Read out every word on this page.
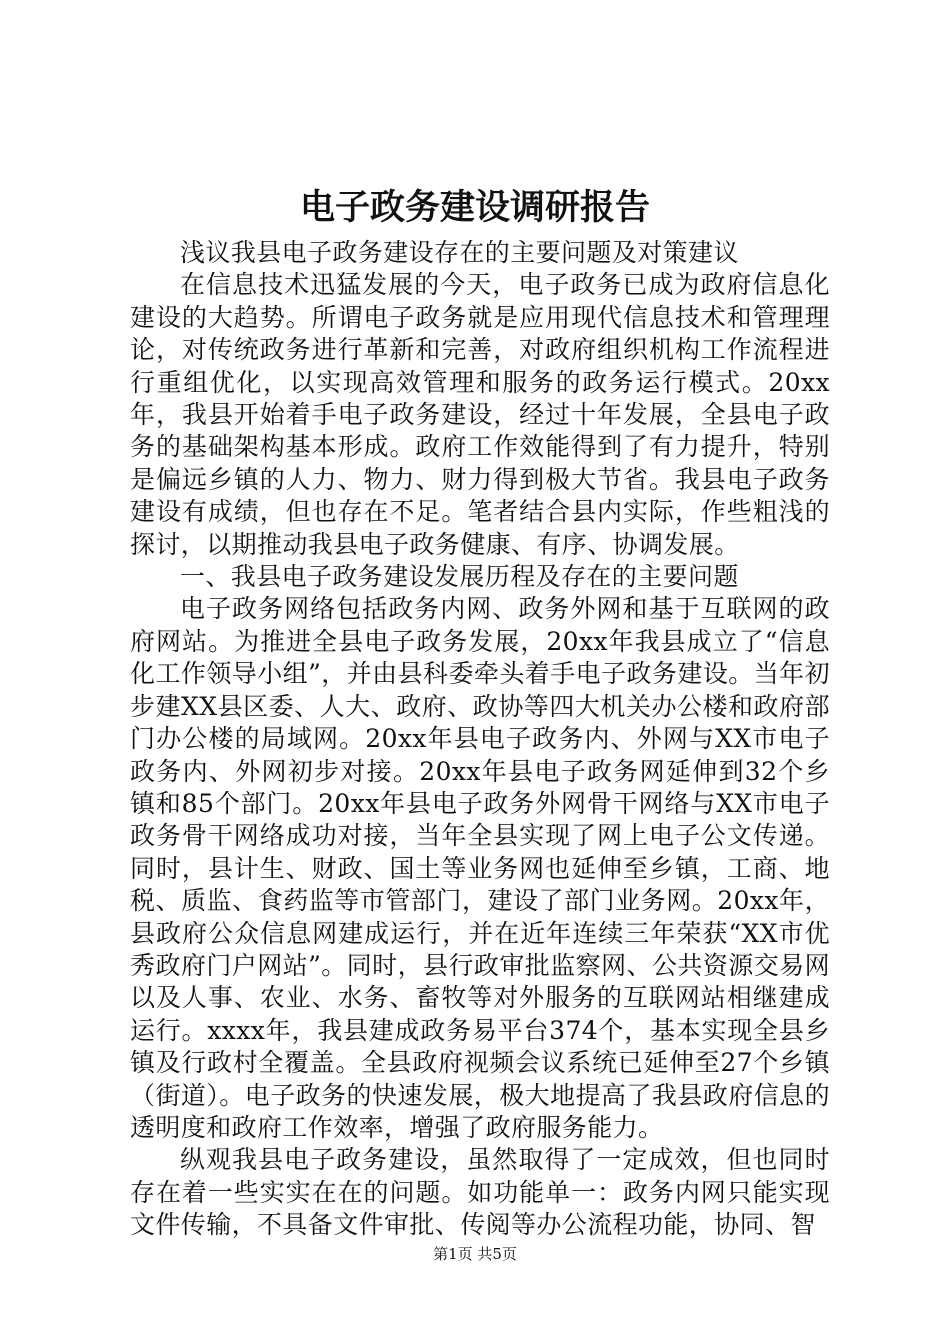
电子政务建设调研报告

浅议我县电子政务建设存在的主要问题及对策建议

在信息技术迅猛发展的今天，电子政务已成为政府信息化建设的大趋势。所谓电子政务就是应用现代信息技术和管理理论，对传统政务进行革新和完善，对政府组织机构工作流程进行重组优化，以实现高效管理和服务的政务运行模式。20xx年，我县开始着手电子政务建设，经过十年发展，全县电子政务的基础架构基本形成。政府工作效能得到了有力提升，特别是偏远乡镇的人力、物力、财力得到极大节省。我县电子政务建设有成绩，但也存在不足。笔者结合县内实际，作些粗浅的探讨，以期推动我县电子政务健康、有序、协调发展。

一、我县电子政务建设发展历程及存在的主要问题

电子政务网络包括政务内网、政务外网和基于互联网的政府网站。为推进全县电子政务发展，20xx年我县成立了“信息化工作领导小组”，并由县科委牵头着手电子政务建设。当年初步建XX县区委、人大、政府、政协等四大机关办公楼和政府部门办公楼的局域网。20xx年县电子政务内、外网与XX市电子政务内、外网初步对接。20xx年县电子政务网延伸到32个乡镇和85个部门。20xx年县电子政务外网骨干网络与XX市电子政务骨干网络成功对接，当年全县实现了网上电子公文传递。同时，县计生、财政、国土等业务网也延伸至乡镇，工商、地税、质监、食药监等市管部门，建设了部门业务网。20xx年，县政府公众信息网建成运行，并在近年连续三年荣获“XX市优秀政府门户网站”。同时，县行政审批监察网、公共资源交易网以及人事、农业、水务、畜牧等对外服务的互联网站相继建成运行。xxxx年，我县建成政务易平台374个，基本实现全县乡镇及行政村全覆盖。全县政府视频会议系统已延伸至27个乡镇（街道）。电子政务的快速发展，极大地提高了我县政府信息的透明度和政府工作效率，增强了政府服务能力。

纵观我县电子政务建设，虽然取得了一定成效，但也同时存在着一些实实在在的问题。如功能单一：政务内网只能实现文件传输，不具备文件审批、传阅等办公流程功能，协同、智

第1页 共5页
